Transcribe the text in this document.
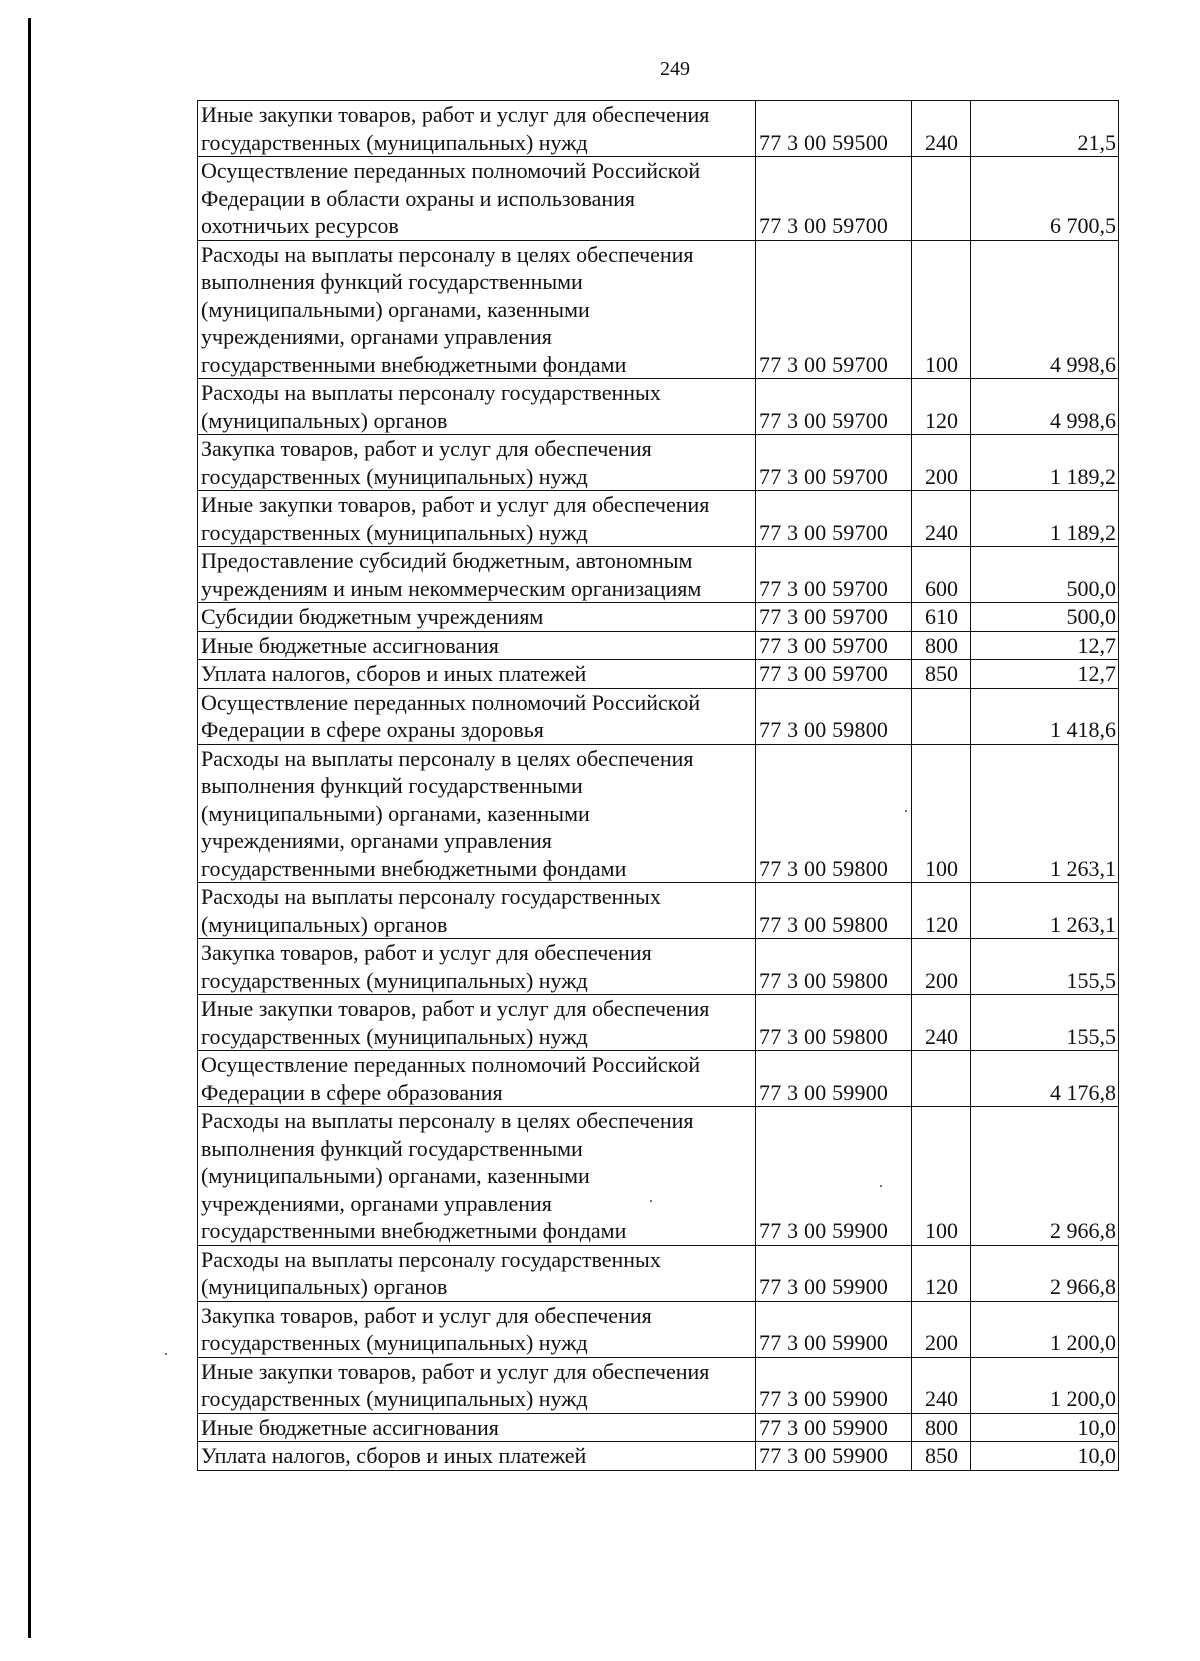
249
Иные закупки товаров, работ и услуг для обеспечения
государственных (муниципальных) нужд	77 3 00 59500	240	21,5
Осуществление переданных полномочий Российской
Федерации в области охраны и использования
охотничьих ресурсов	77 3 00 59700		6 700,5
Расходы на выплаты персоналу в целях обеспечения
выполнения функций государственными
(муниципальными) органами, казенными
учреждениями, органами управления
государственными внебюджетными фондами	77 3 00 59700	100	4 998,6
Расходы на выплаты персоналу государственных
(муниципальных) органов	77 3 00 59700	120	4 998,6
Закупка товаров, работ и услуг для обеспечения
государственных (муниципальных) нужд	77 3 00 59700	200	1 189,2
Иные закупки товаров, работ и услуг для обеспечения
государственных (муниципальных) нужд	77 3 00 59700	240	1 189,2
Предоставление субсидий бюджетным, автономным
учреждениям и иным некоммерческим организациям	77 3 00 59700	600	500,0
Субсидии бюджетным учреждениям	77 3 00 59700	610	500,0
Иные бюджетные ассигнования	77 3 00 59700	800	12,7
Уплата налогов, сборов и иных платежей	77 3 00 59700	850	12,7
Осуществление переданных полномочий Российской
Федерации в сфере охраны здоровья	77 3 00 59800		1 418,6
Расходы на выплаты персоналу в целях обеспечения
выполнения функций государственными
(муниципальными) органами, казенными
учреждениями, органами управления
государственными внебюджетными фондами	77 3 00 59800	100	1 263,1
Расходы на выплаты персоналу государственных
(муниципальных) органов	77 3 00 59800	120	1 263,1
Закупка товаров, работ и услуг для обеспечения
государственных (муниципальных) нужд	77 3 00 59800	200	155,5
Иные закупки товаров, работ и услуг для обеспечения
государственных (муниципальных) нужд	77 3 00 59800	240	155,5
Осуществление переданных полномочий Российской
Федерации в сфере образования	77 3 00 59900		4 176,8
Расходы на выплаты персоналу в целях обеспечения
выполнения функций государственными
(муниципальными) органами, казенными
учреждениями, органами управления
государственными внебюджетными фондами	77 3 00 59900	100	2 966,8
Расходы на выплаты персоналу государственных
(муниципальных) органов	77 3 00 59900	120	2 966,8
Закупка товаров, работ и услуг для обеспечения
государственных (муниципальных) нужд	77 3 00 59900	200	1 200,0
Иные закупки товаров, работ и услуг для обеспечения
государственных (муниципальных) нужд	77 3 00 59900	240	1 200,0
Иные бюджетные ассигнования	77 3 00 59900	800	10,0
Уплата налогов, сборов и иных платежей	77 3 00 59900	850	10,0
